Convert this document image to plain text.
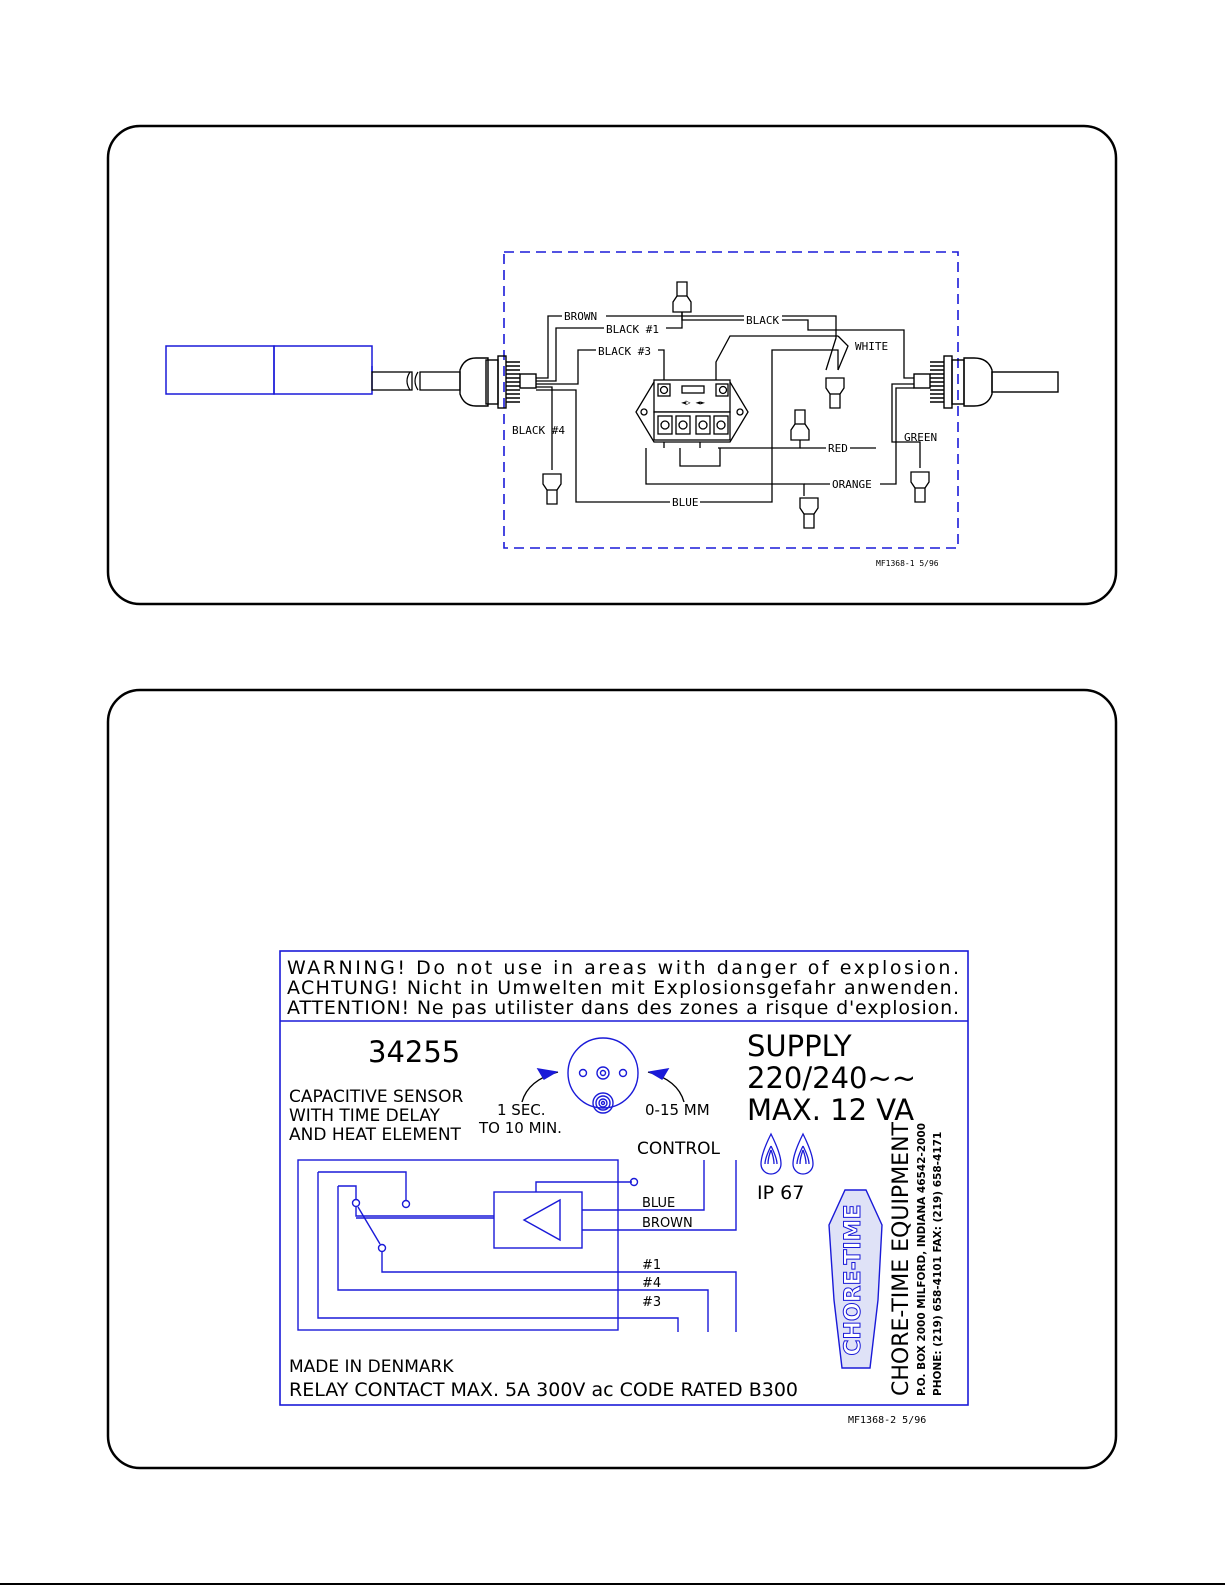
◄▷ ◄►
BROWN
BLACK #1
BLACK
BLACK #3	WHITE
BLACK #4
RED
GREEN
ORANGE
BLUE
MF1368-1 5/96
WARNING! Do not use in areas with danger of explosion.
ACHTUNG! Nicht in Umwelten mit Explosionsgefahr anwenden.
ATTENTION! Ne pas utilister dans des zones a risque d'explosion.
34255
CAPACITIVE SENSOR
WITH TIME DELAY
AND HEAT ELEMENT
1 SEC.
TO 10 MIN.
0-15 MM
SUPPLY
220/240~~
MAX. 12 VA
CONTROL
IP 67
BLUE
BROWN
#1
#4
#3	CHORE-TIME CHORE-TIME EQUIPMENT P.O. BOX 2000 MILFORD, INDIANA 46542-2000 PHONE: (219) 658-4101 FAX: (219) 658-4171
MADE IN DENMARK
RELAY CONTACT MAX. 5A 300V ac CODE RATED B300
MF1368-2 5/96
